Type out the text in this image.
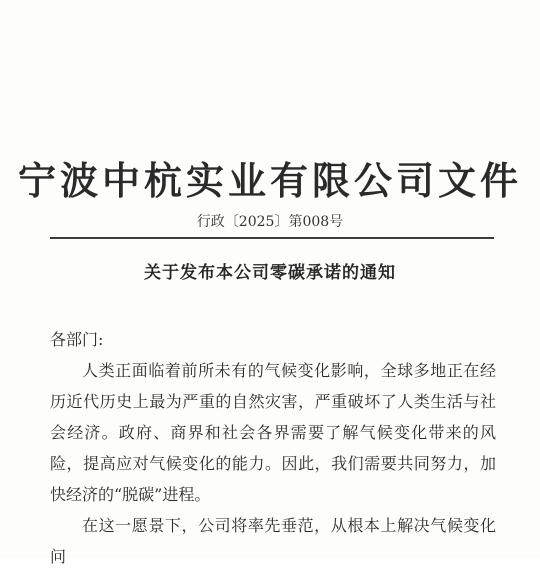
宁波中杭实业有限公司文件
行政〔2025〕第008号
关于发布本公司零碳承诺的通知
各部门:

人类正面临着前所未有的气候变化影响，全球多地正在经历近代历史上最为严重的自然灾害，严重破坏了人类生活与社会经济。政府、商界和社会各界需要了解气候变化带来的风险，提高应对气候变化的能力。因此，我们需要共同努力，加快经济的“脱碳”进程。

在这一愿景下，公司将率先垂范，从根本上解决气候变化问
